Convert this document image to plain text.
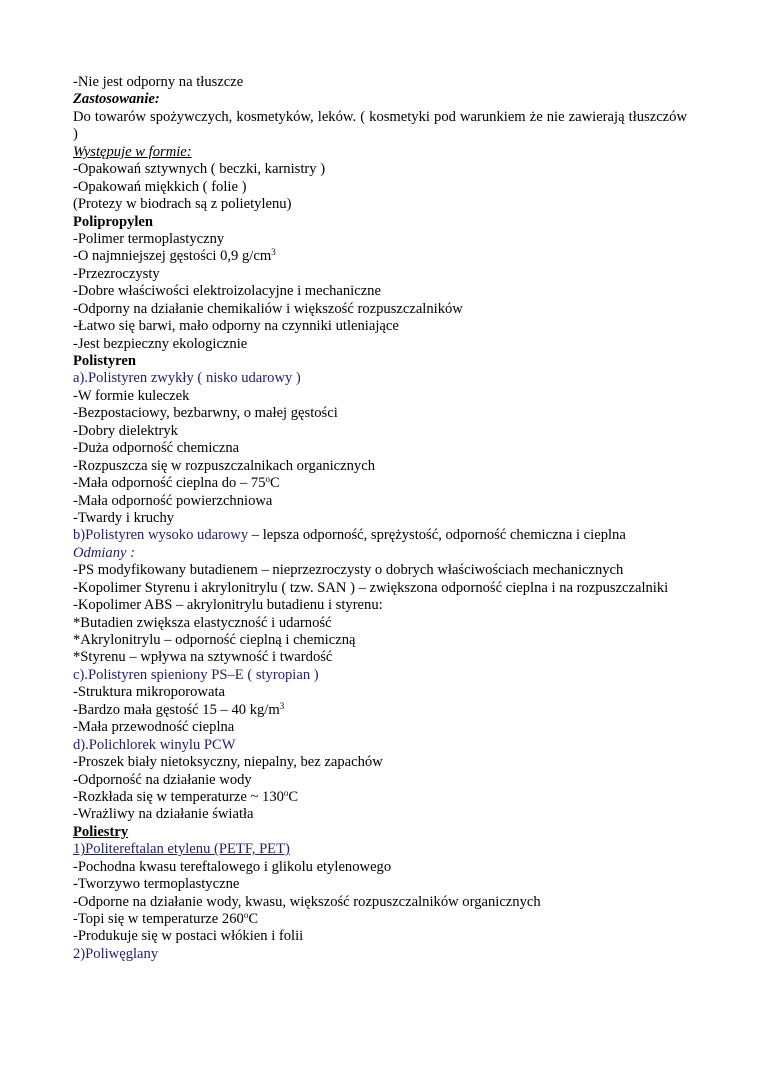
-Nie jest odporny na tłuszcze
Zastosowanie:
Do towarów spożywczych, kosmetyków, leków. ( kosmetyki pod warunkiem że nie zawierają tłuszczów )
Występuje w formie:
-Opakowań sztywnych ( beczki, karnistry )
-Opakowań miękkich ( folie )
(Protezy w biodrach są z polietylenu)
Polipropylen
-Polimer termoplastyczny
-O najmniejszej gęstości 0,9 $g/cm^3$
-Przezroczysty
-Dobre właściwości elektroizolacyjne i mechaniczne
-Odporny na działanie chemikaliów i większość rozpuszczalników
-Łatwo się barwi, mało odporny na czynniki utleniające
-Jest bezpieczny ekologicznie
Polistyren
a).Polistyren zwykły ( nisko udarowy )
-W formie kuleczek
-Bezpostaciowy, bezbarwny, o małej gęstości
-Dobry dielektryk
-Duża odporność chemiczna
-Rozpuszcza się w rozpuszczalnikach organicznych
-Mała odporność cieplna do – 75$^o$C
-Mała odporność powierzchniowa
-Twardy i kruchy
b)Polistyren wysoko udarowy – lepsza odporność, sprężystość, odporność chemiczna i cieplna
Odmiany :
-PS modyfikowany butadienem – nieprzezroczysty o dobrych właściwościach mechanicznych
-Kopolimer Styrenu i akrylonitrylu ( tzw. SAN ) – zwiększona odporność cieplna i na rozpuszczalniki
-Kopolimer ABS – akrylonitrylu butadienu i styrenu:
*Butadien zwiększa elastyczność i udarność
*Akrylonitrylu – odporność cieplną i chemiczną
*Styrenu – wpływa na sztywność i twardość
c).Polistyren spieniony PS–E ( styropian )
-Struktura mikroporowata
-Bardzo mała gęstość 15 – 40 $kg/m^3$
-Mała przewodność cieplna
d).Polichlorek winylu PCW
-Proszek biały nietoksyczny, niepalny, bez zapachów
-Odporność na działanie wody
-Rozkłada się w temperaturze ~ 130$^o$C
-Wrażliwy na działanie światła
Poliestry
1)Politereftalan etylenu (PETF, PET)
-Pochodna kwasu tereftalowego i glikolu etylenowego
-Tworzywo termoplastyczne
-Odporne na działanie wody, kwasu, większość rozpuszczalników organicznych
-Topi się w temperaturze 260$^o$C
-Produkuje się w postaci włókien i folii
2)Poliwęglany
